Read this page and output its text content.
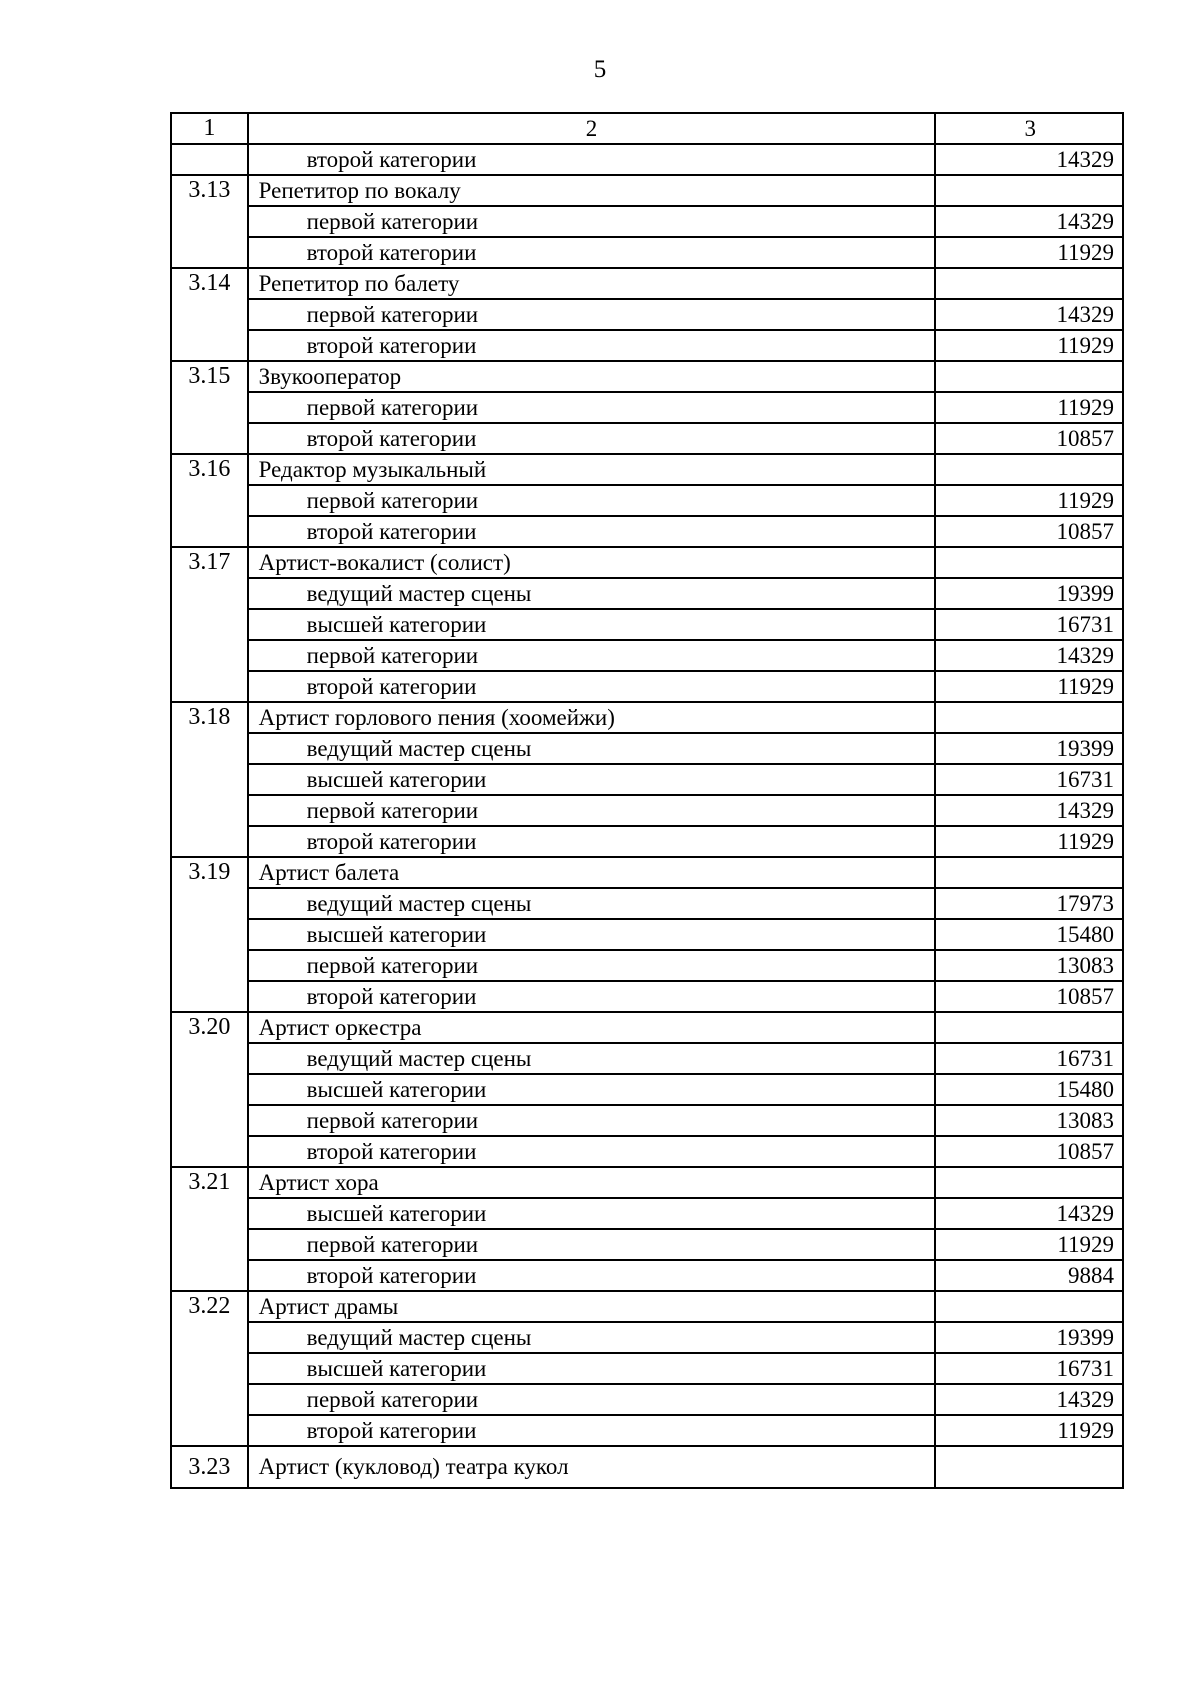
5
1	2	3
	второй категории	14329
3.13	Репетитор по вокалу	
	первой категории	14329
	второй категории	11929
3.14	Репетитор по балету	
	первой категории	14329
	второй категории	11929
3.15	Звукооператор	
	первой категории	11929
	второй категории	10857
3.16	Редактор музыкальный	
	первой категории	11929
	второй категории	10857
3.17	Артист-вокалист (солист)	
	ведущий мастер сцены	19399
	высшей категории	16731
	первой категории	14329
	второй категории	11929
3.18	Артист горлового пения (хоомейжи)	
	ведущий мастер сцены	19399
	высшей категории	16731
	первой категории	14329
	второй категории	11929
3.19	Артист балета	
	ведущий мастер сцены	17973
	высшей категории	15480
	первой категории	13083
	второй категории	10857
3.20	Артист оркестра	
	ведущий мастер сцены	16731
	высшей категории	15480
	первой категории	13083
	второй категории	10857
3.21	Артист хора	
	высшей категории	14329
	первой категории	11929
	второй категории	9884
3.22	Артист драмы	
	ведущий мастер сцены	19399
	высшей категории	16731
	первой категории	14329
	второй категории	11929
3.23	Артист (кукловод) театра кукол	
